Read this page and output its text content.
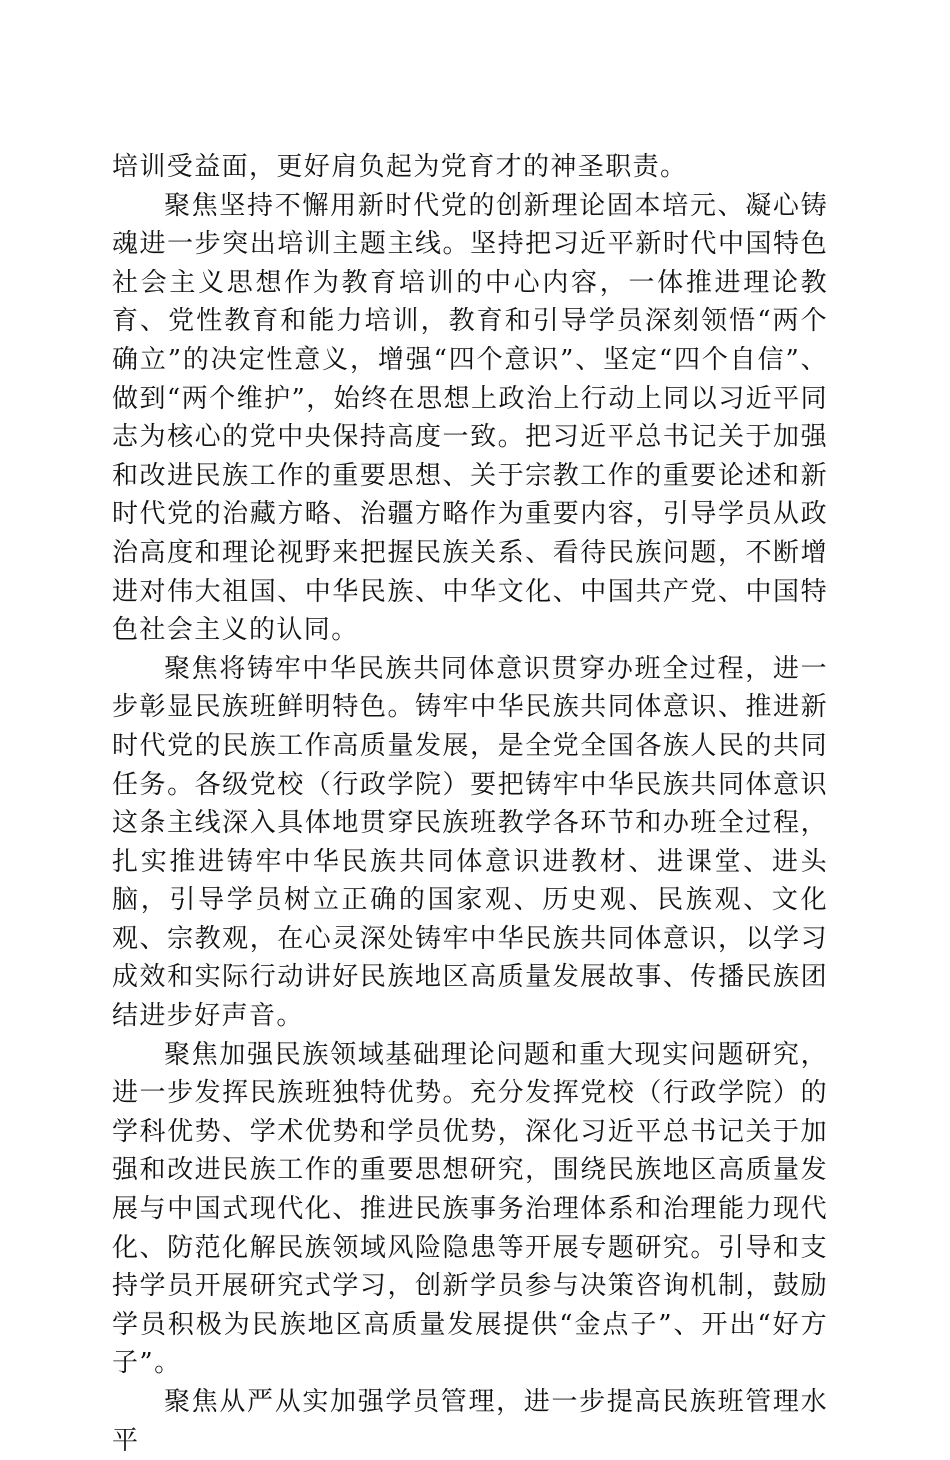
培训受益面，更好肩负起为党育才的神圣职责。

聚焦坚持不懈用新时代党的创新理论固本培元、凝心铸魂进一步突出培训主题主线。坚持把习近平新时代中国特色社会主义思想作为教育培训的中心内容，一体推进理论教育、党性教育和能力培训，教育和引导学员深刻领悟“两个确立”的决定性意义，增强“四个意识”、坚定“四个自信”、做到“两个维护”，始终在思想上政治上行动上同以习近平同志为核心的党中央保持高度一致。把习近平总书记关于加强和改进民族工作的重要思想、关于宗教工作的重要论述和新时代党的治藏方略、治疆方略作为重要内容，引导学员从政治高度和理论视野来把握民族关系、看待民族问题，不断增进对伟大祖国、中华民族、中华文化、中国共产党、中国特色社会主义的认同。

聚焦将铸牢中华民族共同体意识贯穿办班全过程，进一步彰显民族班鲜明特色。铸牢中华民族共同体意识、推进新时代党的民族工作高质量发展，是全党全国各族人民的共同任务。各级党校（行政学院）要把铸牢中华民族共同体意识这条主线深入具体地贯穿民族班教学各环节和办班全过程，扎实推进铸牢中华民族共同体意识进教材、进课堂、进头脑，引导学员树立正确的国家观、历史观、民族观、文化观、宗教观，在心灵深处铸牢中华民族共同体意识，以学习成效和实际行动讲好民族地区高质量发展故事、传播民族团结进步好声音。

聚焦加强民族领域基础理论问题和重大现实问题研究，进一步发挥民族班独特优势。充分发挥党校（行政学院）的学科优势、学术优势和学员优势，深化习近平总书记关于加强和改进民族工作的重要思想研究，围绕民族地区高质量发展与中国式现代化、推进民族事务治理体系和治理能力现代化、防范化解民族领域风险隐患等开展专题研究。引导和支持学员开展研究式学习，创新学员参与决策咨询机制，鼓励学员积极为民族地区高质量发展提供“金点子”、开出“好方子”。

聚焦从严从实加强学员管理，进一步提高民族班管理水平
